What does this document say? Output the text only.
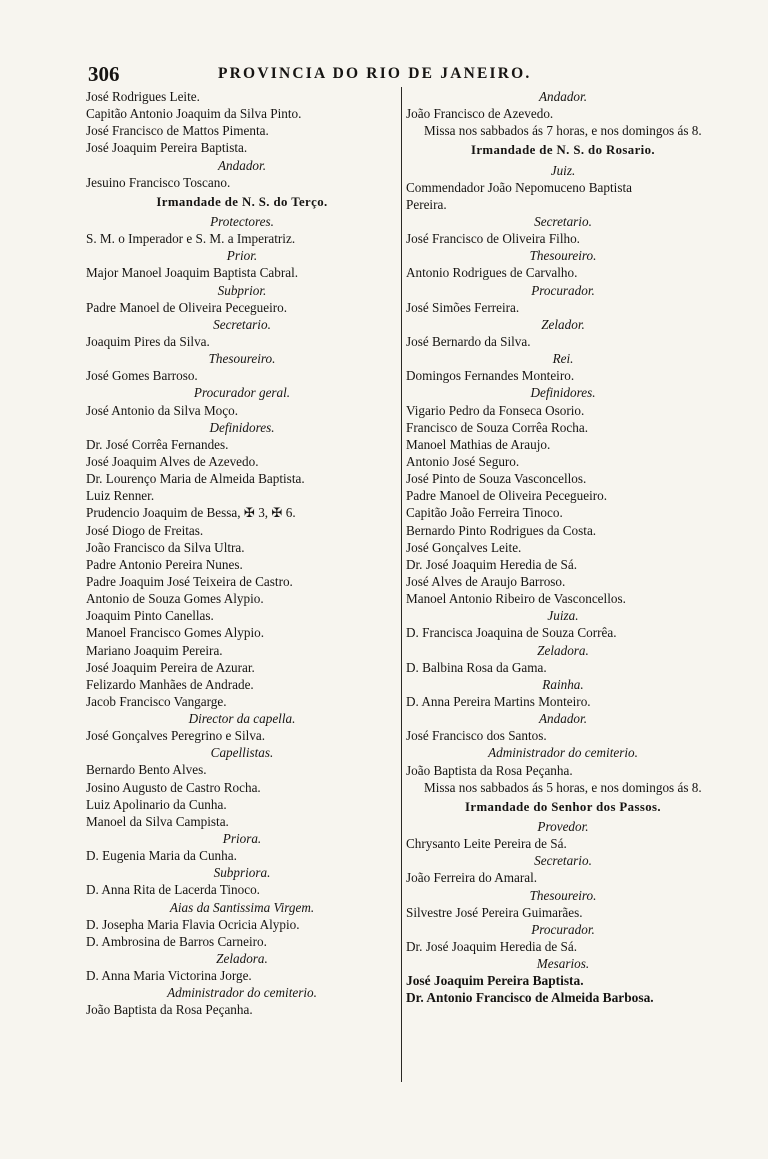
306	PROVINCIA DO RIO DE JANEIRO.
José Rodrigues Leite.
Capitão Antonio Joaquim da Silva Pinto.
José Francisco de Mattos Pimenta.
José Joaquim Pereira Baptista.
Andador.
Jesuino Francisco Toscano.
Irmandade de N. S. do Terço.
Protectores.
S. M. o Imperador e S. M. a Imperatriz.
Prior.
Major Manoel Joaquim Baptista Cabral.
Subprior.
Padre Manoel de Oliveira Pecegueiro.
Secretario.
Joaquim Pires da Silva.
Thesoureiro.
José Gomes Barroso.
Procurador geral.
José Antonio da Silva Moço.
Definidores.
Dr. José Corrêa Fernandes.
José Joaquim Alves de Azevedo.
Dr. Lourenço Maria de Almeida Baptista.
Luiz Renner.
Prudencio Joaquim de Bessa, ✠ 3, ✠ 6.
José Diogo de Freitas.
João Francisco da Silva Ultra.
Padre Antonio Pereira Nunes.
Padre Joaquim José Teixeira de Castro.
Antonio de Souza Gomes Alypio.
Joaquim Pinto Canellas.
Manoel Francisco Gomes Alypio.
Mariano Joaquim Pereira.
José Joaquim Pereira de Azurar.
Felizardo Manhães de Andrade.
Jacob Francisco Vangarge.
Director da capella.
José Gonçalves Peregrino e Silva.
Capellistas.
Bernardo Bento Alves.
Josino Augusto de Castro Rocha.
Luiz Apolinario da Cunha.
Manoel da Silva Campista.
Priora.
D. Eugenia Maria da Cunha.
Subpriora.
D. Anna Rita de Lacerda Tinoco.
Aias da Santissima Virgem.
D. Josepha Maria Flavia Ocricia Alypio.
D. Ambrosina de Barros Carneiro.
Zeladora.
D. Anna Maria Victorina Jorge.
Administrador do cemiterio.
João Baptista da Rosa Peçanha.
Andador.
João Francisco de Azevedo.
Missa nos sabbados ás 7 horas, e nos domingos ás 8.
Irmandade de N. S. do Rosario.
Juiz.
Commendador João Nepomuceno Baptista
Pereira.
Secretario.
José Francisco de Oliveira Filho.
Thesoureiro.
Antonio Rodrigues de Carvalho.
Procurador.
José Simões Ferreira.
Zelador.
José Bernardo da Silva.
Rei.
Domingos Fernandes Monteiro.
Definidores.
Vigario Pedro da Fonseca Osorio.
Francisco de Souza Corrêa Rocha.
Manoel Mathias de Araujo.
Antonio José Seguro.
José Pinto de Souza Vasconcellos.
Padre Manoel de Oliveira Pecegueiro.
Capitão João Ferreira Tinoco.
Bernardo Pinto Rodrigues da Costa.
José Gonçalves Leite.
Dr. José Joaquim Heredia de Sá.
José Alves de Araujo Barroso.
Manoel Antonio Ribeiro de Vasconcellos.
Juiza.
D. Francisca Joaquina de Souza Corrêa.
Zeladora.
D. Balbina Rosa da Gama.
Rainha.
D. Anna Pereira Martins Monteiro.
Andador.
José Francisco dos Santos.
Administrador do cemiterio.
João Baptista da Rosa Peçanha.
Missa nos sabbados ás 5 horas, e nos domingos ás 8.
Irmandade do Senhor dos Passos.
Provedor.
Chrysanto Leite Pereira de Sá.
Secretario.
João Ferreira do Amaral.
Thesoureiro.
Silvestre José Pereira Guimarães.
Procurador.
Dr. José Joaquim Heredia de Sá.
Mesarios.
José Joaquim Pereira Baptista.
Dr. Antonio Francisco de Almeida Barbosa.
